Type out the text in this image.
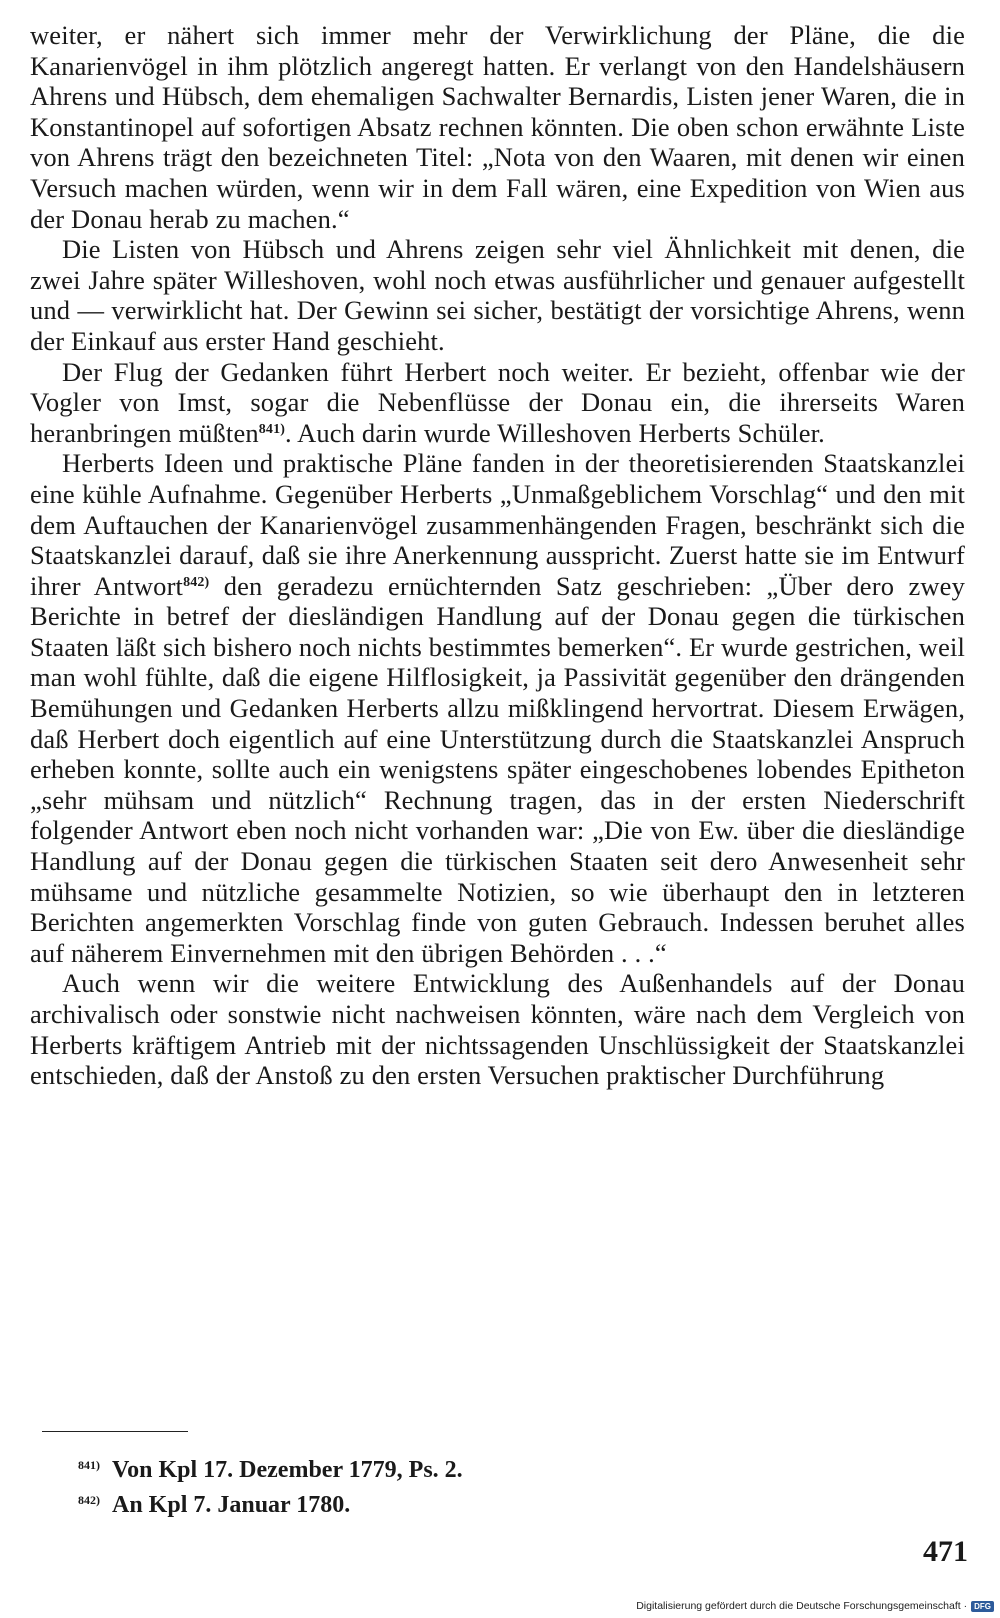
weiter, er nähert sich immer mehr der Verwirklichung der Pläne, die die Kanarienvögel in ihm plötzlich angeregt hatten. Er verlangt von den Handelshäusern Ahrens und Hübsch, dem ehemaligen Sachwalter Bernardis, Listen jener Waren, die in Konstantinopel auf sofortigen Absatz rechnen könnten. Die oben schon erwähnte Liste von Ahrens trägt den bezeichneten Titel: „Nota von den Waaren, mit denen wir einen Versuch machen würden, wenn wir in dem Fall wären, eine Expedition von Wien aus der Donau herab zu machen.“

Die Listen von Hübsch und Ahrens zeigen sehr viel Ähnlichkeit mit denen, die zwei Jahre später Willeshoven, wohl noch etwas ausführlicher und genauer aufgestellt und — verwirklicht hat. Der Gewinn sei sicher, bestätigt der vorsichtige Ahrens, wenn der Einkauf aus erster Hand geschieht.

Der Flug der Gedanken führt Herbert noch weiter. Er bezieht, offenbar wie der Vogler von Imst, sogar die Nebenflüsse der Donau ein, die ihrerseits Waren heranbringen müßten$^{841)}$. Auch darin wurde Willeshoven Herberts Schüler.

Herberts Ideen und praktische Pläne fanden in der theoretisierenden Staatskanzlei eine kühle Aufnahme. Gegenüber Herberts „Unmaßgeblichem Vorschlag“ und den mit dem Auftauchen der Kanarienvögel zusammenhängenden Fragen, beschränkt sich die Staatskanzlei darauf, daß sie ihre Anerkennung ausspricht. Zuerst hatte sie im Entwurf ihrer Antwort$^{842)}$ den geradezu ernüchternden Satz geschrieben: „Über dero zwey Berichte in betref der diesländigen Handlung auf der Donau gegen die türkischen Staaten läßt sich bishero noch nichts bestimmtes bemerken“. Er wurde gestrichen, weil man wohl fühlte, daß die eigene Hilflosigkeit, ja Passivität gegenüber den drängenden Bemühungen und Gedanken Herberts allzu mißklingend hervortrat. Diesem Erwägen, daß Herbert doch eigentlich auf eine Unterstützung durch die Staatskanzlei Anspruch erheben konnte, sollte auch ein wenigstens später eingeschobenes lobendes Epitheton „sehr mühsam und nützlich“ Rechnung tragen, das in der ersten Niederschrift folgender Antwort eben noch nicht vorhanden war: „Die von Ew. über die diesländige Handlung auf der Donau gegen die türkischen Staaten seit dero Anwesenheit sehr mühsame und nützliche gesammelte Notizien, so wie überhaupt den in letzteren Berichten angemerkten Vorschlag finde von guten Gebrauch. Indessen beruhet alles auf näherem Einvernehmen mit den übrigen Behörden . . .“

Auch wenn wir die weitere Entwicklung des Außenhandels auf der Donau archivalisch oder sonstwie nicht nachweisen könnten, wäre nach dem Vergleich von Herberts kräftigem Antrieb mit der nichtssagenden Unschlüssigkeit der Staatskanzlei entschieden, daß der Anstoß zu den ersten Versuchen praktischer Durchführung

$^{841)}$ Von Kpl 17. Dezember 1779, Ps. 2.
$^{842)}$ An Kpl 7. Januar 1780.
471
Digitalisierung gefördert durch die Deutsche Forschungsgemeinschaft · DFG
